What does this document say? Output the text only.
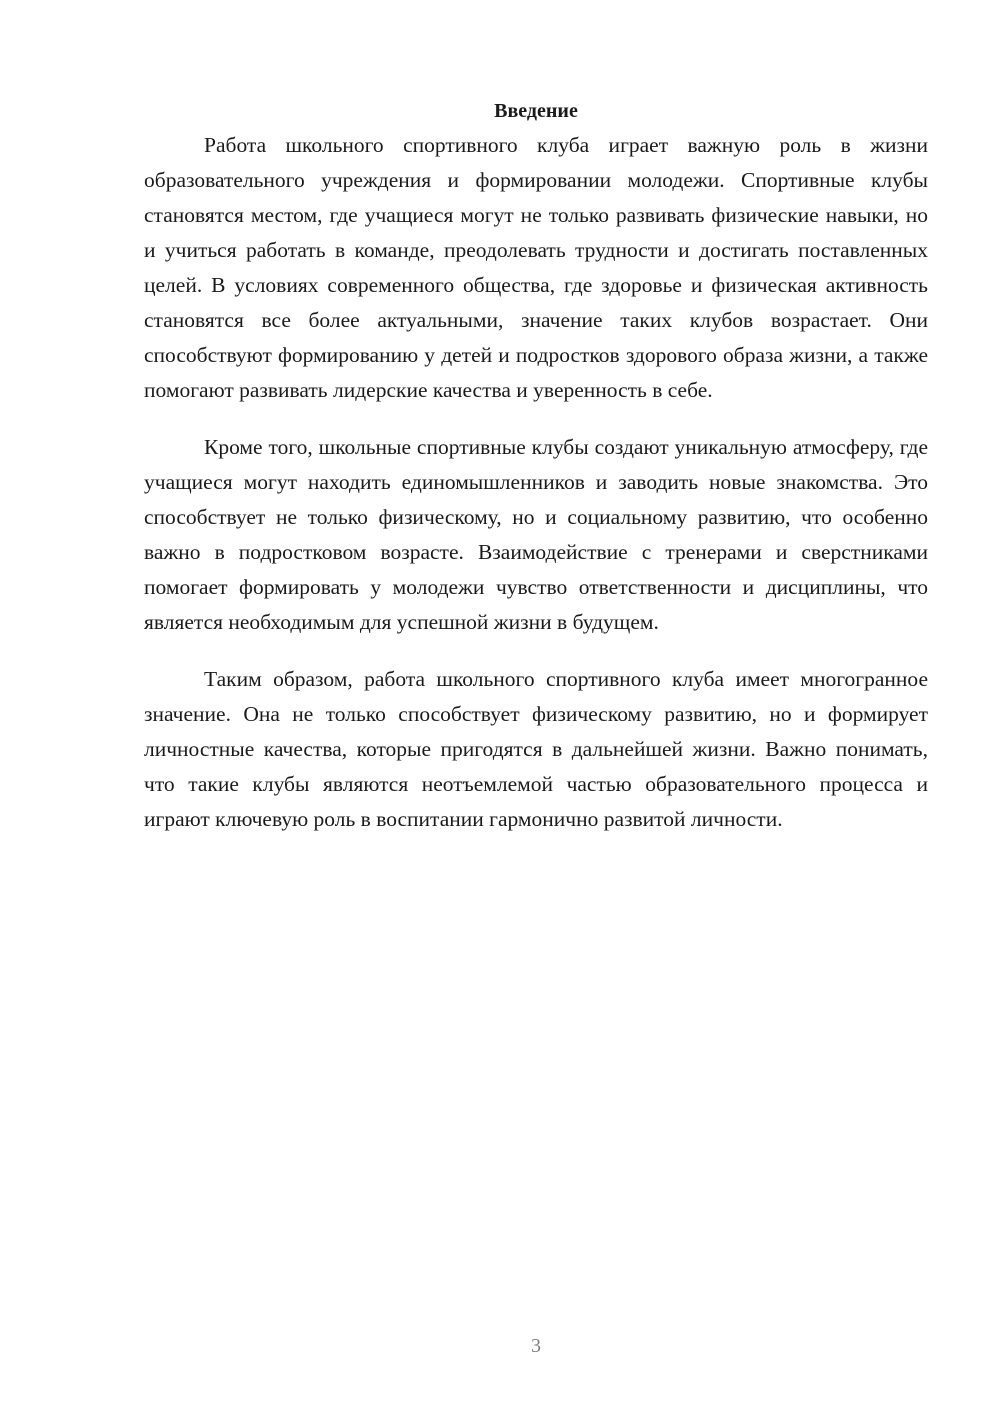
Введение

Работа школьного спортивного клуба играет важную роль в жизни образовательного учреждения и формировании молодежи. Спортивные клубы становятся местом, где учащиеся могут не только развивать физические навыки, но и учиться работать в команде, преодолевать трудности и достигать поставленных целей. В условиях современного общества, где здоровье и физическая активность становятся все более актуальными, значение таких клубов возрастает. Они способствуют формированию у детей и подростков здорового образа жизни, а также помогают развивать лидерские качества и уверенность в себе.

Кроме того, школьные спортивные клубы создают уникальную атмосферу, где учащиеся могут находить единомышленников и заводить новые знакомства. Это способствует не только физическому, но и социальному развитию, что особенно важно в подростковом возрасте. Взаимодействие с тренерами и сверстниками помогает формировать у молодежи чувство ответственности и дисциплины, что является необходимым для успешной жизни в будущем.

Таким образом, работа школьного спортивного клуба имеет многогранное значение. Она не только способствует физическому развитию, но и формирует личностные качества, которые пригодятся в дальнейшей жизни. Важно понимать, что такие клубы являются неотъемлемой частью образовательного процесса и играют ключевую роль в воспитании гармонично развитой личности.

3
